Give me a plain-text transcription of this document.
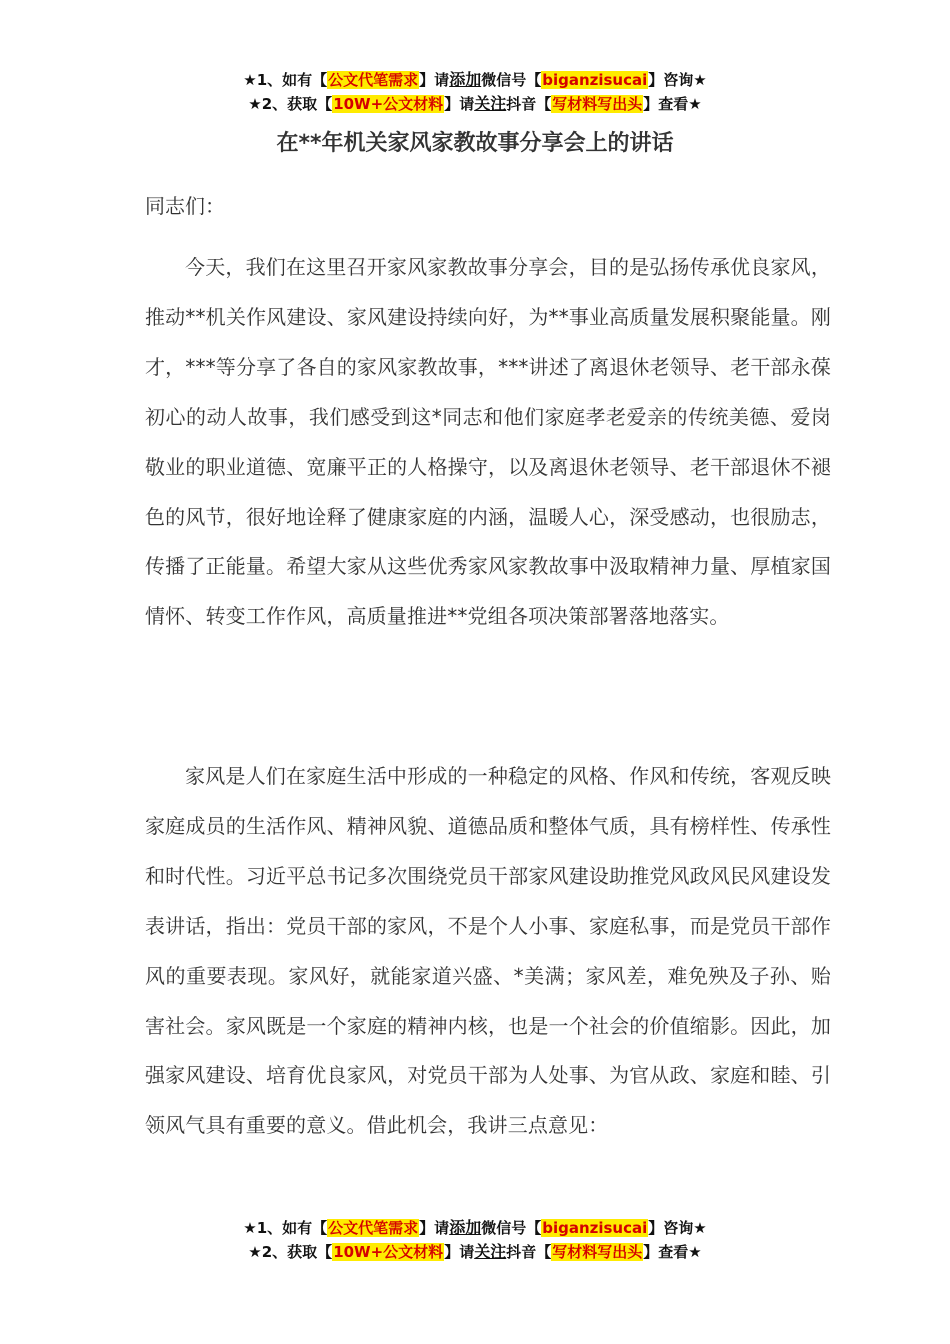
★1、如有【公文代笔需求】请添加微信号【biganzisucai】咨询★
★2、获取【10W+公文材料】请关注抖音【写材料写出头】查看★
在**年机关家风家教故事分享会上的讲话
同志们：

今天，我们在这里召开家风家教故事分享会，目的是弘扬传承优良家风，推动**机关作风建设、家风建设持续向好，为**事业高质量发展积聚能量。刚才，***等分享了各自的家风家教故事，***讲述了离退休老领导、老干部永葆初心的动人故事，我们感受到这*同志和他们家庭孝老爱亲的传统美德、爱岗敬业的职业道德、宽廉平正的人格操守，以及离退休老领导、老干部退休不褪色的风节，很好地诠释了健康家庭的内涵，温暖人心，深受感动，也很励志，传播了正能量。希望大家从这些优秀家风家教故事中汲取精神力量、厚植家国情怀、转变工作作风，高质量推进**党组各项决策部署落地落实。

家风是人们在家庭生活中形成的一种稳定的风格、作风和传统，客观反映家庭成员的生活作风、精神风貌、道德品质和整体气质，具有榜样性、传承性和时代性。习近平总书记多次围绕党员干部家风建设助推党风政风民风建设发表讲话，指出：党员干部的家风，不是个人小事、家庭私事，而是党员干部作风的重要表现。家风好，就能家道兴盛、*美满；家风差，难免殃及子孙、贻害社会。家风既是一个家庭的精神内核，也是一个社会的价值缩影。因此，加强家风建设、培育优良家风，对党员干部为人处事、为官从政、家庭和睦、引领风气具有重要的意义。借此机会，我讲三点意见：

★1、如有【公文代笔需求】请添加微信号【biganzisucai】咨询★
★2、获取【10W+公文材料】请关注抖音【写材料写出头】查看★
